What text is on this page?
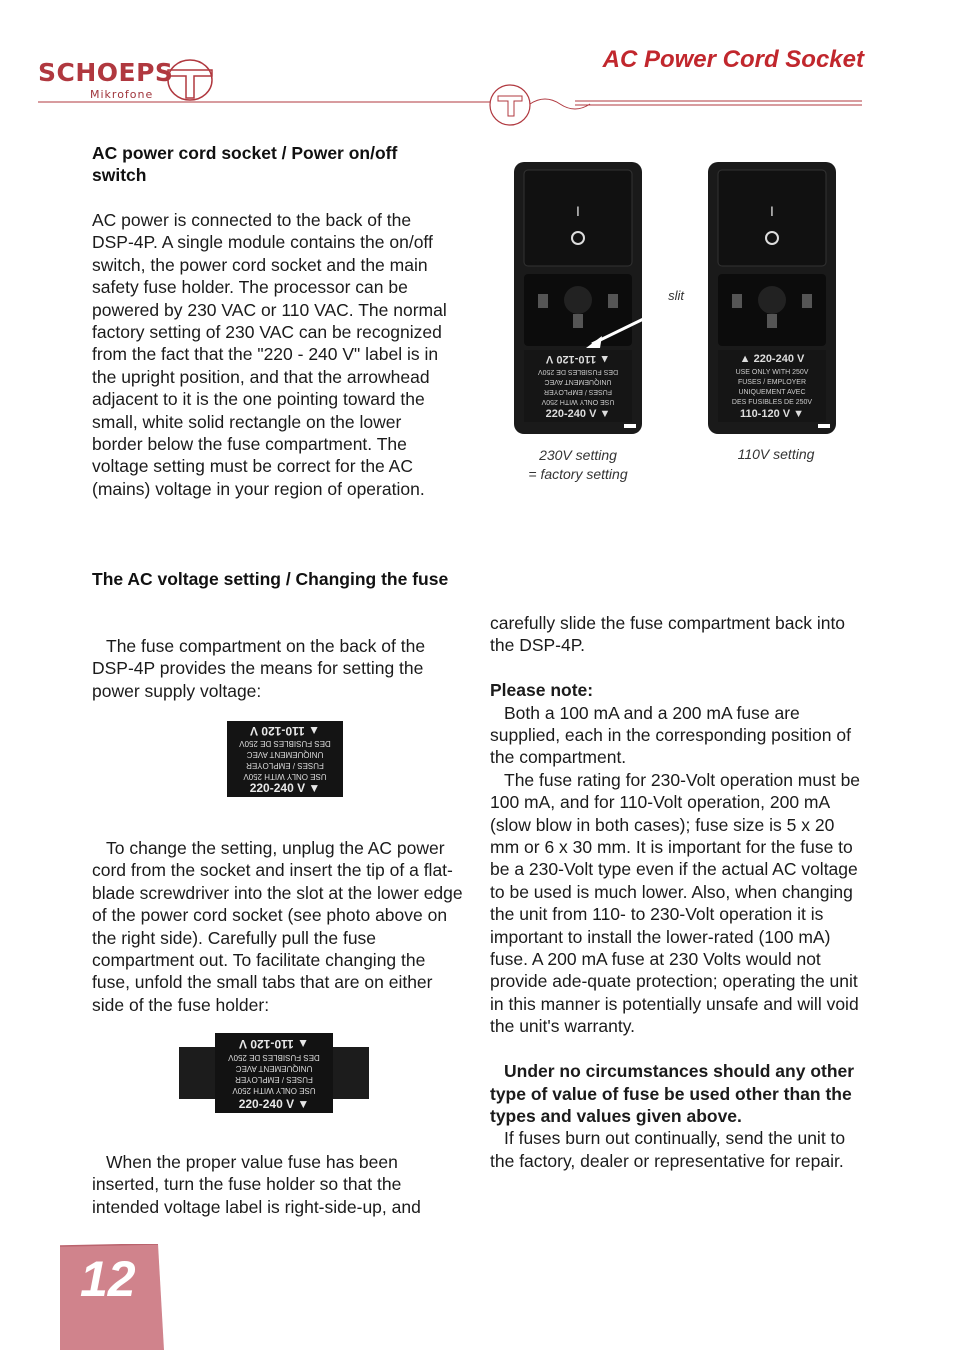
SCHOEPS
Mikrofone
AC Power Cord Socket
AC power cord socket / Power on/off switch
AC power is connected to the back of the DSP-4P. A single module contains the on/off switch, the power cord socket and the main safety fuse holder. The processor can be powered by 230 VAC or 110 VAC. The normal factory setting of 230 VAC can be recognized from the fact that the "220 - 240 V" label is in the upright position, and that the arrowhead adjacent to it is the one pointing toward the small, white solid rectangle on the lower border below the fuse compartment. The voltage setting must be correct for the AC (mains) voltage in your region of operation.
I
▲ 110-120 V
DES FUSIBLES DE 250V
UNIQUEMENT AVEC
FUSES / EMPLOYER
USE ONLY WITH 250V
220-240 V ▼
slit
I
▲ 220-240 V
USE ONLY WITH 250V
FUSES / EMPLOYER
UNIQUEMENT AVEC
DES FUSIBLES DE 250V
110-120 V ▼
230V setting
= factory setting
110V setting
The AC voltage setting / Changing the fuse
The fuse compartment on the back of the DSP-4P provides the means for setting the power supply voltage:
▲ 110-120 V
DES FUSIBLES DE 250V
UNIQUEMENT AVEC
FUSES / EMPLOYER
USE ONLY WITH 250V
220-240 V ▼
To change the setting, unplug the AC power cord from the socket and insert the tip of a flat-blade screwdriver into the slot at the lower edge of the power cord socket (see photo above on the right side). Carefully pull the fuse compartment out. To facilitate changing the fuse, unfold the small tabs that are on either side of the fuse holder:
▲ 110-120 V
DES FUSIBLES DE 250V
UNIQUEMENT AVEC
FUSES / EMPLOYER
USE ONLY WITH 250V
220-240 V ▼
When the proper value fuse has been inserted, turn the fuse holder so that the intended voltage label is right-side-up, and

carefully slide the fuse compartment back into the DSP-4P.

Please note:

Both a 100 mA and a 200 mA fuse are supplied, each in the corresponding position of the compartment.

The fuse rating for 230-Volt operation must be 100 mA, and for 110-Volt operation, 200 mA (slow blow in both cases); fuse size is 5 x 20 mm or 6 x 30 mm. It is important for the fuse to be a 230-Volt type even if the actual AC voltage to be used is much lower. Also, when changing the unit from 110- to 230-Volt operation it is important to install the lower-rated (100 mA) fuse. A 200 mA fuse at 230 Volts would not provide ade-quate protection; operating the unit in this manner is potentially unsafe and will void the unit's warranty.

Under no circumstances should any other type of value of fuse be used other than the types and values given above.

If fuses burn out continually, send the unit to the factory, dealer or representative for repair.

12
